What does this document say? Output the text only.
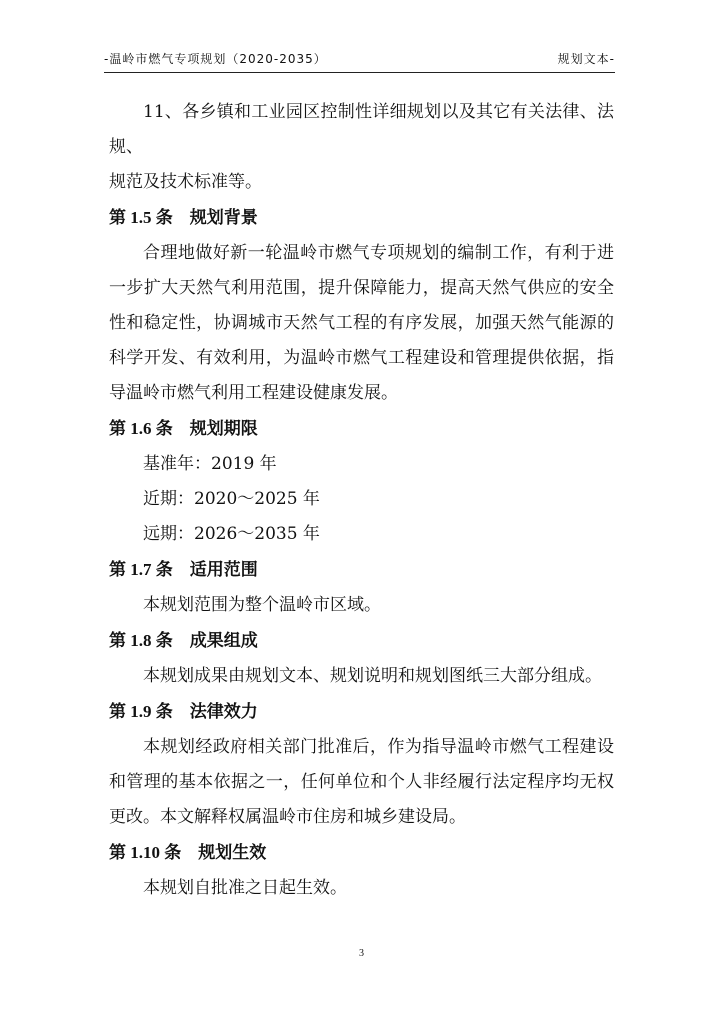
-温岭市燃气专项规划（2020-2035）	规划文本-

11、各乡镇和工业园区控制性详细规划以及其它有关法律、法规、

规范及技术标准等。

第 1.5 条 规划背景

合理地做好新一轮温岭市燃气专项规划的编制工作，有利于进一步扩大天然气利用范围，提升保障能力，提高天然气供应的安全性和稳定性，协调城市天然气工程的有序发展，加强天然气能源的科学开发、有效利用，为温岭市燃气工程建设和管理提供依据，指导温岭市燃气利用工程建设健康发展。

第 1.6 条 规划期限

基准年：2019 年

近期：2020～2025 年

远期：2026～2035 年

第 1.7 条 适用范围

本规划范围为整个温岭市区域。

第 1.8 条 成果组成

本规划成果由规划文本、规划说明和规划图纸三大部分组成。

第 1.9 条 法律效力

本规划经政府相关部门批准后，作为指导温岭市燃气工程建设和管理的基本依据之一，任何单位和个人非经履行法定程序均无权更改。本文解释权属温岭市住房和城乡建设局。

第 1.10 条 规划生效

本规划自批准之日起生效。

3
